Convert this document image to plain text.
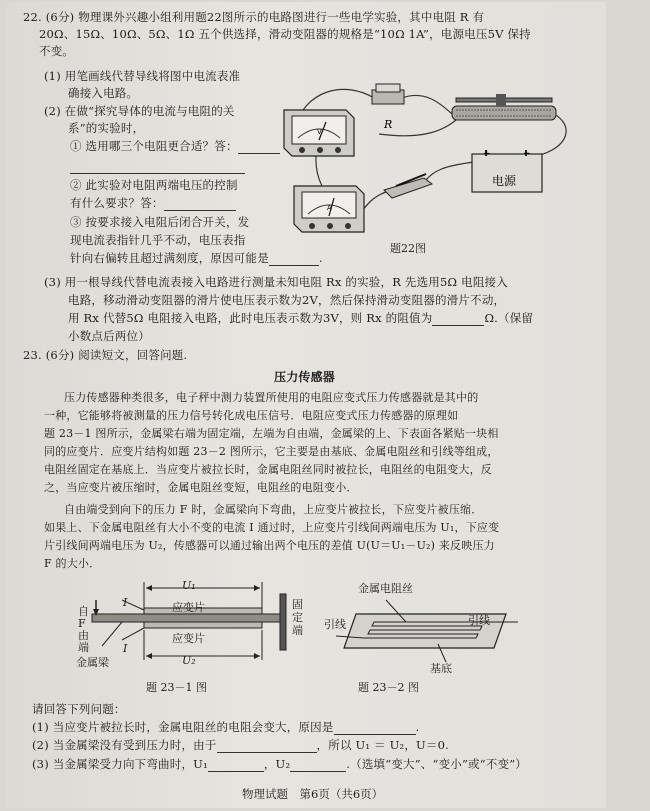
22. (6分) 物理课外兴趣小组利用题22图所示的电路图进行一些电学实验，其中电阻 R 有
20Ω、15Ω、10Ω、5Ω、1Ω 五个供选择，滑动变阻器的规格是“10Ω 1A”，电源电压5V 保持
不变。
(1) 用笔画线代替导线将图中电流表准
确接入电路。
(2) 在做“探究导体的电流与电阻的关
系”的实验时，
① 选用哪三个电阻更合适？答：
② 此实验对电阻两端电压的控制
有什么要求？答：
③ 按要求接入电阻后闭合开关，发
现电流表指针几乎不动，电压表指
针向右偏转且超过满刻度，原因可能是	.
(3) 用一根导线代替电流表接入电路进行测量未知电阻 Rx 的实验，R 先选用5Ω 电阻接入
电路，移动滑动变阻器的滑片使电压表示数为2V，然后保持滑动变阻器的滑片不动，
用 Rx 代替5Ω 电阻接入电路，此时电压表示数为3V，则 Rx 的阻值为	Ω.（保留
小数点后两位）
V
R
+	−
电源
A
题22图
23. (6分) 阅读短文，回答问题.
压力传感器
压力传感器种类很多，电子秤中测力装置所使用的电阻应变式压力传感器就是其中的
一种，它能够将被测量的压力信号转化成电压信号．电阻应变式压力传感器的原理如
题 23－1 图所示，金属梁右端为固定端，左端为自由端，金属梁的上、下表面各紧贴一块相
同的应变片．应变片结构如题 23－2 图所示，它主要是由基底、金属电阻丝和引线等组成，
电阻丝固定在基底上．当应变片被拉长时，金属电阻丝同时被拉长，电阻丝的电阻变大，反
之，当应变片被压缩时，金属电阻丝变短，电阻丝的电阻变小．
自由端受到向下的压力 F 时，金属梁向下弯曲，上应变片被拉长，下应变片被压缩．
如果上、下金属电阻丝有大小不变的电流 I 通过时，上应变片引线间两端电压为 U₁，下应变
片引线间两端电压为 U₂，传感器可以通过输出两个电压的差值 U(U＝U₁－U₂) 来反映压力
F 的大小．
U₁
U₂
I
I
自F由端
应变片
应变片
固定端
金属梁
题 23－1 图
金属电阻丝
引线	引线
基底
题 23－2 图
请回答下列问题：
(1) 当应变片被拉长时，金属电阻丝的电阻会变大，原因是	.
(2) 当金属梁没有受到压力时，由于	，所以 U₁ ＝ U₂，U＝0.
(3) 当金属梁受力向下弯曲时，U₁	，U₂	.（选填“变大”、“变小”或“不变”）
物理试题　第6页（共6页）
